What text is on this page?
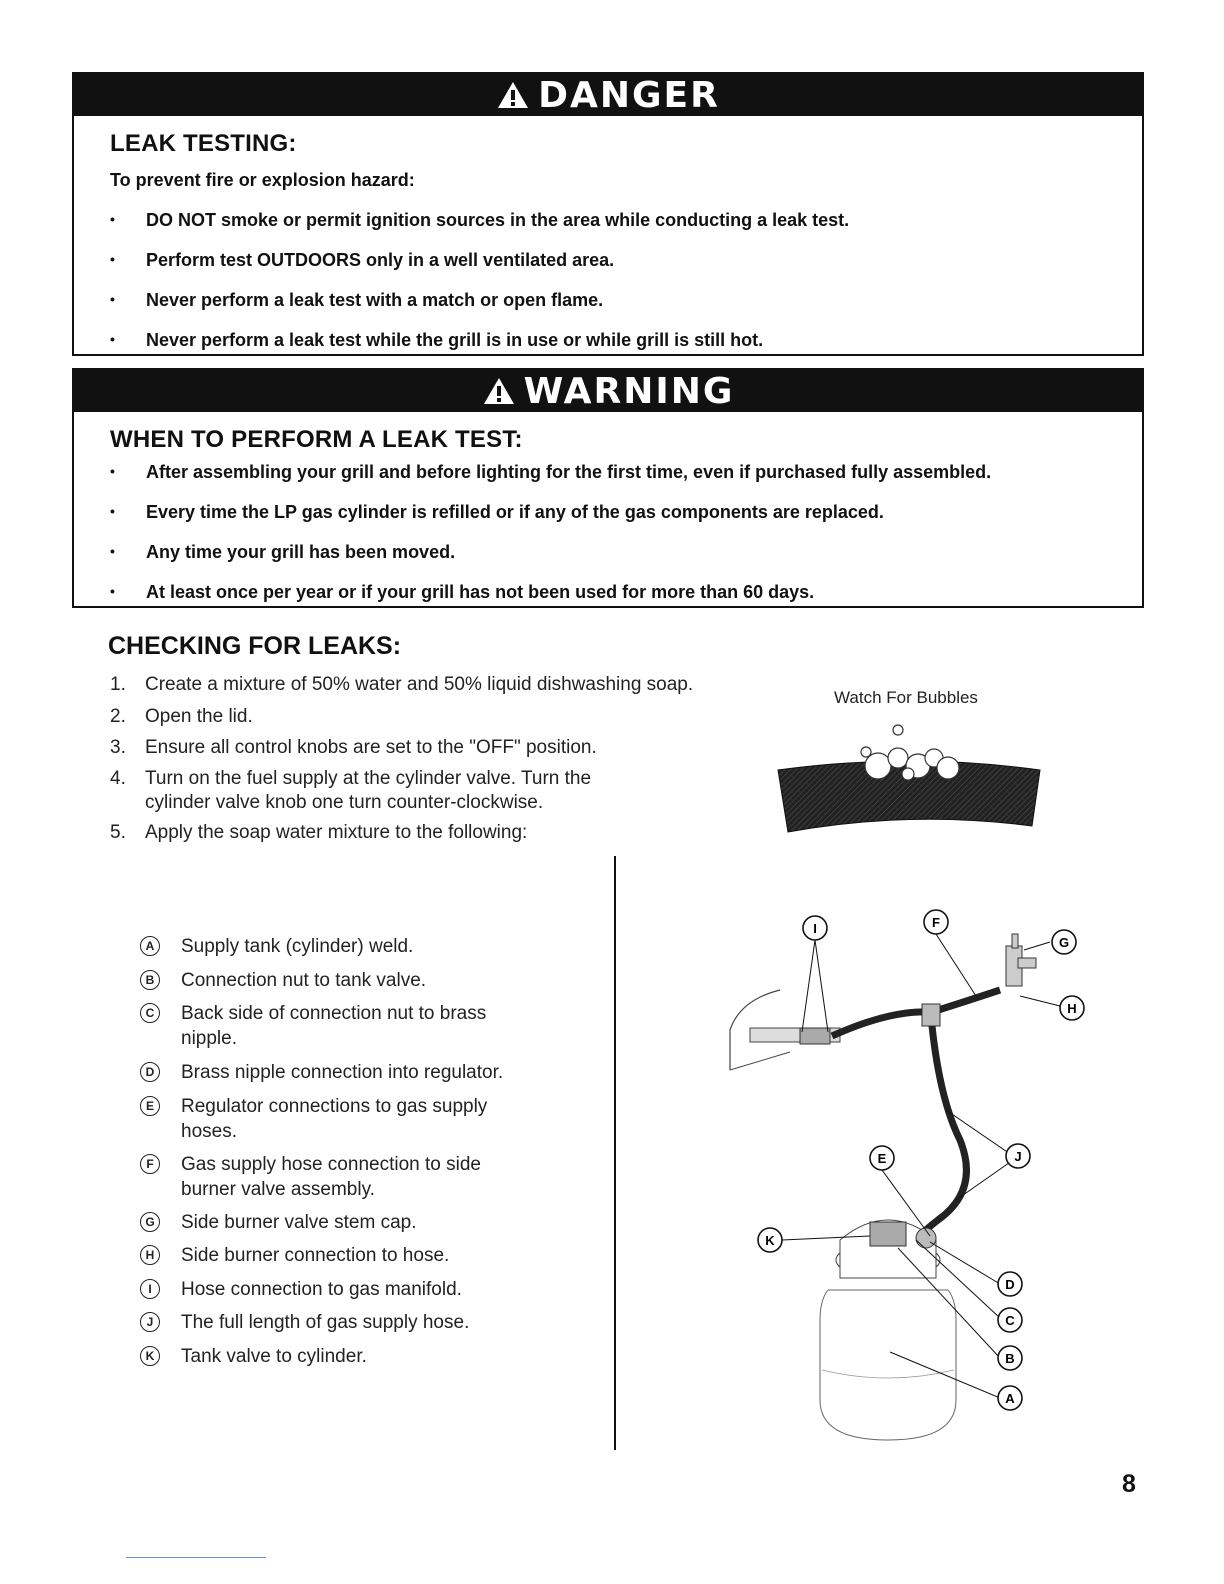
DANGER
LEAK TESTING:
To prevent fire or explosion hazard:
• DO NOT smoke or permit ignition sources in the area while conducting a leak test.
• Perform test OUTDOORS only in a well ventilated area.
• Never perform a leak test with a match or open flame.
• Never perform a leak test while the grill is in use or while grill is still hot.
WARNING
WHEN TO PERFORM A LEAK TEST:
• After assembling your grill and before lighting for the first time, even if purchased fully assembled.
• Every time the LP gas cylinder is refilled or if any of the gas components are replaced.
• Any time your grill has been moved.
• At least once per year or if your grill has not been used for more than 60 days.
CHECKING FOR LEAKS:
1. Create a mixture of 50% water and 50% liquid dishwashing soap.
2. Open the lid.
3. Ensure all control knobs are set to the "OFF" position.
4. Turn on the fuel supply at the cylinder valve. Turn the
cylinder valve knob one turn counter-clockwise.
5. Apply the soap water mixture to the following:
Watch For Bubbles
A Supply tank (cylinder) weld.
B Connection nut to tank valve.
C Back side of connection nut to brass
nipple.
D Brass nipple connection into regulator.
E	Regulator connections to gas supply
hoses.
F	Gas supply hose connection to side
burner valve assembly.
G Side burner valve stem cap.
H Side burner connection to hose.
I	Hose connection to gas manifold.
J	The full length of gas supply hose.
K Tank valve to cylinder.
I	F
G
H
E	J
K
D
C
B
A
8
